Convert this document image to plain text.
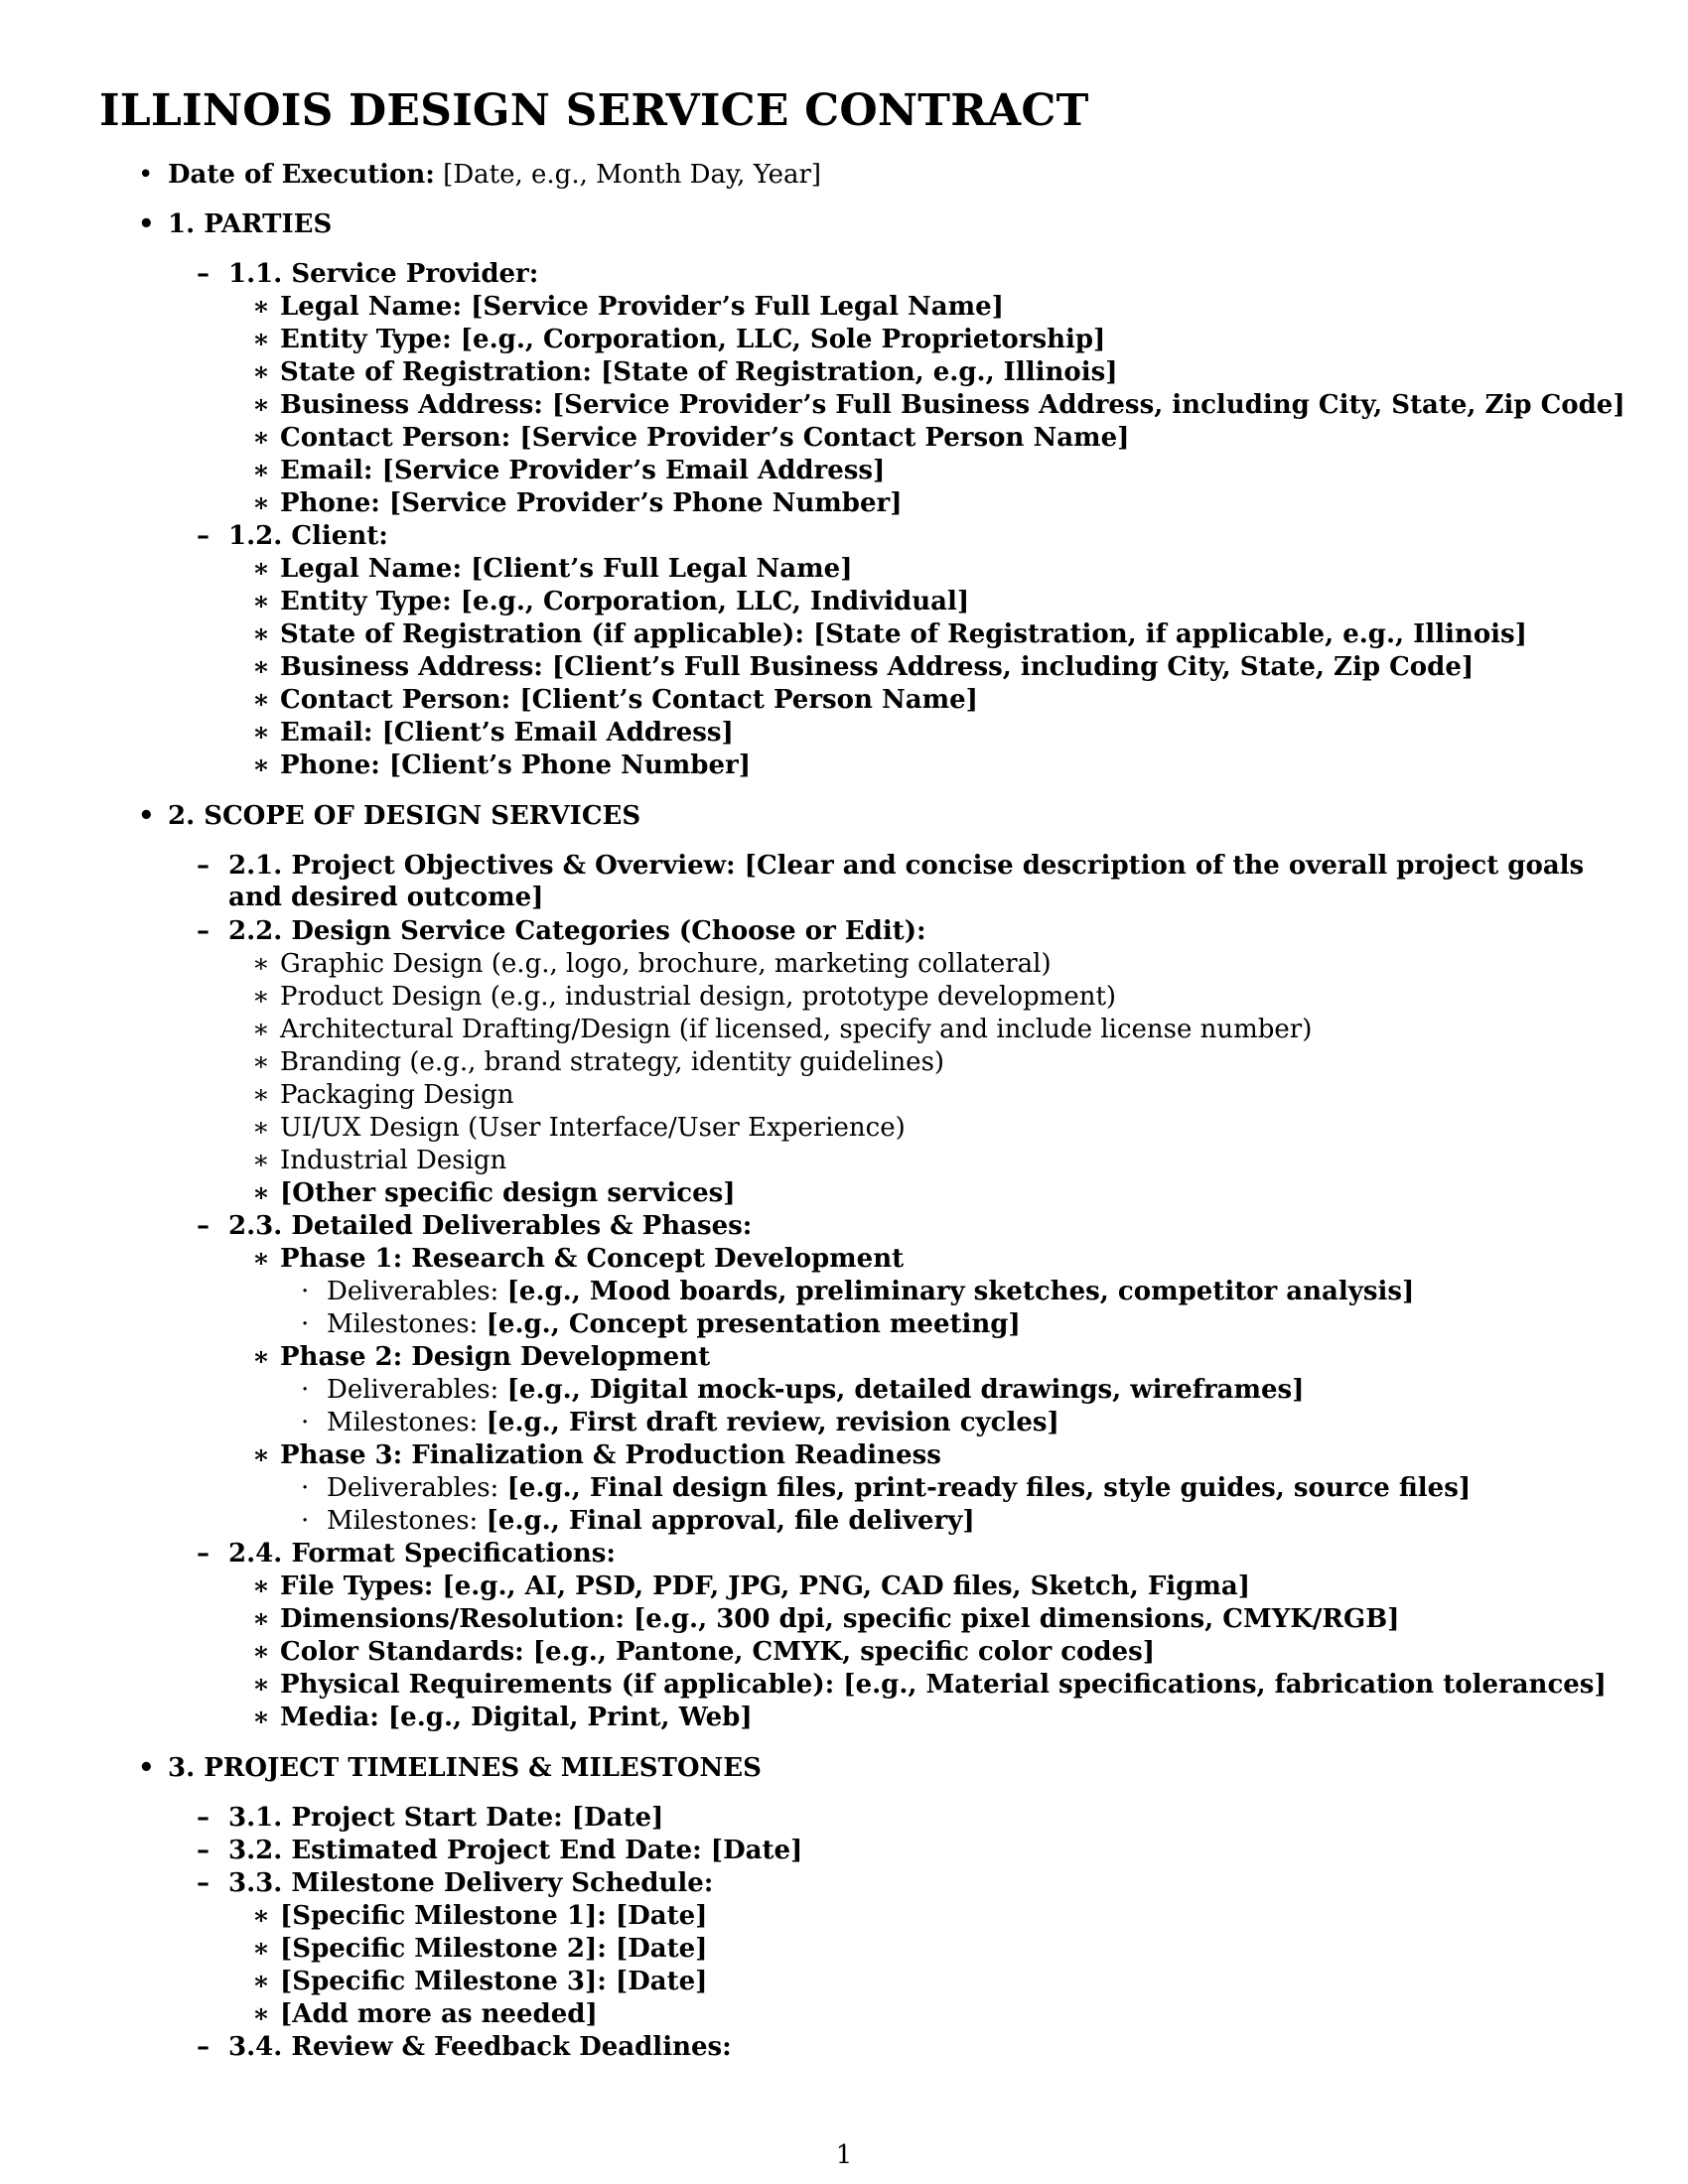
ILLINOIS DESIGN SERVICE CONTRACT
• Date of Execution: [Date, e.g., Month Day, Year]
• 1. PARTIES
– 1.1. Service Provider:
∗ Legal Name: [Service Provider’s Full Legal Name]
∗ Entity Type: [e.g., Corporation, LLC, Sole Proprietorship]
∗ State of Registration: [State of Registration, e.g., Illinois]
∗ Business Address: [Service Provider’s Full Business Address, including City, State, Zip Code]
∗ Contact Person: [Service Provider’s Contact Person Name]
∗ Email: [Service Provider’s Email Address]
∗ Phone: [Service Provider’s Phone Number]
– 1.2. Client:
∗ Legal Name: [Client’s Full Legal Name]
∗ Entity Type: [e.g., Corporation, LLC, Individual]
∗ State of Registration (if applicable): [State of Registration, if applicable, e.g., Illinois]
∗ Business Address: [Client’s Full Business Address, including City, State, Zip Code]
∗ Contact Person: [Client’s Contact Person Name]
∗ Email: [Client’s Email Address]
∗ Phone: [Client’s Phone Number]
• 2. SCOPE OF DESIGN SERVICES
– 2.1. Project Objectives & Overview: [Clear and concise description of the overall project goals and desired outcome]
– 2.2. Design Service Categories (Choose or Edit):
∗ Graphic Design (e.g., logo, brochure, marketing collateral)
∗ Product Design (e.g., industrial design, prototype development)
∗ Architectural Drafting/Design (if licensed, specify and include license number)
∗ Branding (e.g., brand strategy, identity guidelines)
∗ Packaging Design
∗ UI/UX Design (User Interface/User Experience)
∗ Industrial Design
∗ [Other specific design services]
– 2.3. Detailed Deliverables & Phases:
∗ Phase 1: Research & Concept Development
· Deliverables: [e.g., Mood boards, preliminary sketches, competitor analysis]
· Milestones: [e.g., Concept presentation meeting]
∗ Phase 2: Design Development
· Deliverables: [e.g., Digital mock-ups, detailed drawings, wireframes]
· Milestones: [e.g., First draft review, revision cycles]
∗ Phase 3: Finalization & Production Readiness
· Deliverables: [e.g., Final design files, print-ready files, style guides, source files]
· Milestones: [e.g., Final approval, file delivery]
– 2.4. Format Specifications:
∗ File Types: [e.g., AI, PSD, PDF, JPG, PNG, CAD files, Sketch, Figma]
∗ Dimensions/Resolution: [e.g., 300 dpi, specific pixel dimensions, CMYK/RGB]
∗ Color Standards: [e.g., Pantone, CMYK, specific color codes]
∗ Physical Requirements (if applicable): [e.g., Material specifications, fabrication tolerances]
∗ Media: [e.g., Digital, Print, Web]
• 3. PROJECT TIMELINES & MILESTONES
– 3.1. Project Start Date: [Date]
– 3.2. Estimated Project End Date: [Date]
– 3.3. Milestone Delivery Schedule:
∗ [Specific Milestone 1]: [Date]
∗ [Specific Milestone 2]: [Date]
∗ [Specific Milestone 3]: [Date]
∗ [Add more as needed]
– 3.4. Review & Feedback Deadlines:
1
